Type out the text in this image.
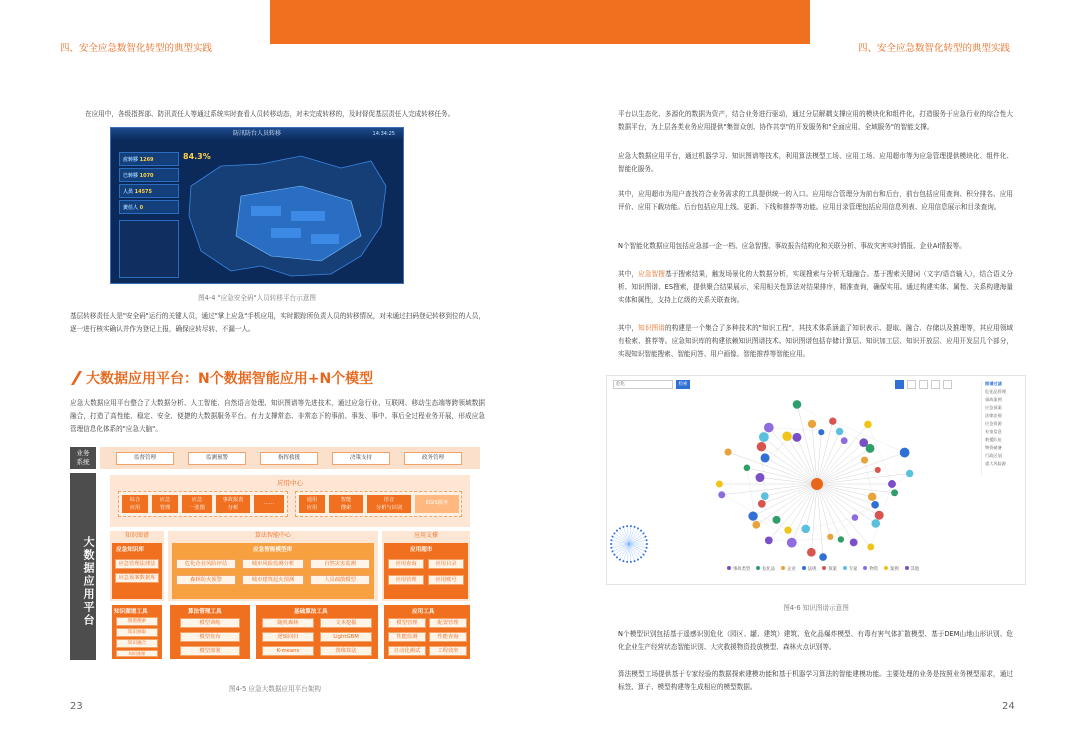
四、安全应急数智化转型的典型实践
在应用中，各级指挥部、防汛责任人等通过系统实时查看人员转移动态，对未完成转移的，及时督促基层责任人完成转移任务。
防汛防台人员转移	14:34:25
应转移 1269
已转移 1070
人员 14575
责任人 0
84.3%
图4-4 "应急安全码"人员转移平台示意图
基层转移责任人是"安全码"运行的关键人员，通过"掌上应急"手机应用，实时跟踪所负责人员的转移情况，对未通过扫码登记转移到位的人员，逐一进行核实确认并作为登记上报，确保应转尽转、不漏一人。
大数据应用平台：N个数据智能应用+N个模型
应急大数据应用平台整合了大数据分析、人工智能、自然语言处理、知识图谱等先进技术，通过应急行业、互联网、移动生态端等跨领域数据融合，打造了高性能、稳定、安全、便捷的大数据服务平台。有力支撑常态、非常态下的事前、事发、事中、事后全过程业务开展，形成应急管理信息化体系的"应急大脑"。
业务
系统	监督管理	监测预警	指挥救援	决策支持	政务管理
大数据应用平台
应用中心
综合
应用
应急
管理
应急
一张图
事故报表
分析
……	通用
应用
智能
搜索
语音
分析与识别
EGIS服务
知识图谱
应急知识库
应急管理法律法
应急预案数据库
算法智能中心
应急智能模型库
危化企业风险评估	城市风险监测分析	自然灾害监测
森林防火预警	城市建筑起火预测	人员疏散模型
应用支撑
应用超市
应用查询	应用目录
应用管理	应用账号
知识图谱工具
图谱搜索
知识抽取
知识融合
知识推理
算法管理工具
模型训练
模型发布
模型部署
基础算法工具
随机森林	文本挖掘
逻辑回归	LightGBM
K-means	图像算法
应用工具
模型管理	配置管理
性能监测	性能查询
自动化测试	工程效率
图4-5 应急大数据应用平台架构
23
四、安全应急数智化转型的典型实践
平台以生态化、多源化的数据为资产，结合业务进行驱动，通过分层解耦支撑应用的模块化和组件化，打造服务于应急行业的综合性大数据平台，为上层各类业务应用提供"集智众创、协作共享"的开发服务和"全面应用、全域服务"的智能支撑。
应急大数据应用平台，通过机器学习、知识图谱等技术，利用算法模型工场、应用工场、应用超市等为应急管理提供模块化、组件化、智能化服务。
其中，应用超市为用户查找符合业务需求的工具提供统一的入口。应用综合管理分为前台和后台，前台包括应用查询、积分排名、应用评价、应用下载功能。后台包括应用上线、更新、下线和推荐等功能。应用目录管理包括应用信息列表、应用信息展示和目录查询。
N个智能化数据应用包括应急部一企一档、应急智搜、事故报告结构化和关联分析、事故灾害实时情报、企业AI情报等。
其中，应急智搜基于搜索结果，触发场景化的大数据分析，实现搜索与分析无缝融合。基于搜索关键词（文字/语音输入），结合语义分析、知识图谱、ES搜索，提供聚合结果展示，采用相关性算法对结果排序，精准查询，确保实用。通过构建实体、属性、关系构建海量实体和属性，支持上亿级的关系关联查询。
其中，知识图谱的构建是一个集合了多种技术的"知识工程"，其技术体系涵盖了知识表示、提取、融合、存储以及推理等，其应用领域有检索、推荐等。应急知识库的构建依赖知识图谱技术。知识图谱包括存储计算层、知识加工层、知识开放层、应用开发层几个部分，实现知识智能搜索、智能问答、用户画像、智能推荐等智能应用。
图4-6 知识图谱示意图
N个模型识别包括基于遥感识别危化（园区、罐、建筑）建筑、危化品爆炸模型、有毒有害气体扩散模型、基于DEM山地山形识别、危化企业生产经营状态智能识别、大灾救援物资投放模型、森林火点识别等。
算法模型工场提供基于专家经验的数据探索建模功能和基于机器学习算法的智能建模功能。主要处理的业务是按照业务模型需求，通过标签、算子、模型构建等生成相应的模型数据。
24
危化	检索	图谱过滤
危化品管理
事故案例
应急预案
法律法规
应急资源
专家信息
救援队伍
物资储备
行政区划
重大风险源
事故类型	危化品	企业	法规	预案	专家	物资	案例	其他
